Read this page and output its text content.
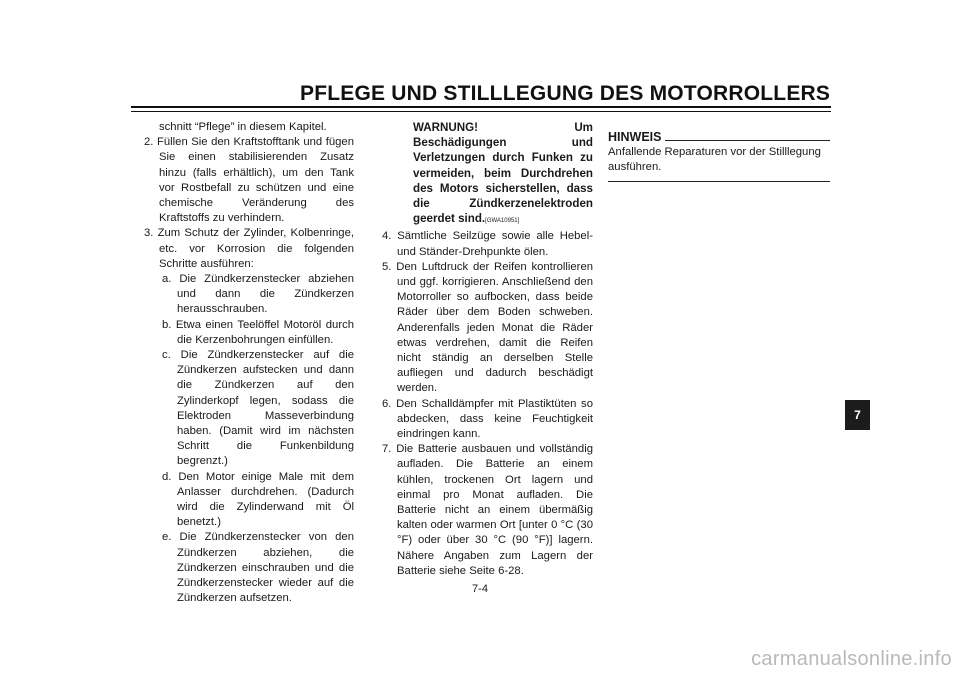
PFLEGE UND STILLLEGUNG DES MOTORROLLERS
schnitt “Pflege” in diesem Kapitel.
2. Füllen Sie den Kraftstofftank und fügen Sie einen stabilisierenden Zusatz hinzu (falls erhältlich), um den Tank vor Rostbefall zu schützen und eine chemische Veränderung des Kraftstoffs zu verhindern.
3. Zum Schutz der Zylinder, Kolbenringe, etc. vor Korrosion die folgenden Schritte ausführen:
a. Die Zündkerzenstecker abziehen und dann die Zündkerzen herausschrauben.
b. Etwa einen Teelöffel Motoröl durch die Kerzenbohrungen einfüllen.
c. Die Zündkerzenstecker auf die Zündkerzen aufstecken und dann die Zündkerzen auf den Zylinderkopf legen, sodass die Elektroden Masseverbindung haben. (Damit wird im nächsten Schritt die Funkenbildung begrenzt.)
d. Den Motor einige Male mit dem Anlasser durchdrehen. (Dadurch wird die Zylinderwand mit Öl benetzt.)
e. Die Zündkerzenstecker von den Zündkerzen abziehen, die Zündkerzen einschrauben und die Zündkerzenstecker wieder auf die Zündkerzen aufsetzen.
WARNUNG! Um Beschädigungen und Verletzungen durch Funken zu vermeiden, beim Durchdrehen des Motors sicherstellen, dass die Zündkerzenelektroden geerdet sind.[GWA10951]
4. Sämtliche Seilzüge sowie alle Hebel- und Ständer-Drehpunkte ölen.
5. Den Luftdruck der Reifen kontrollieren und ggf. korrigieren. Anschließend den Motorroller so aufbocken, dass beide Räder über dem Boden schweben. Anderenfalls jeden Monat die Räder etwas verdrehen, damit die Reifen nicht ständig an derselben Stelle aufliegen und dadurch beschädigt werden.
6. Den Schalldämpfer mit Plastiktüten so abdecken, dass keine Feuchtigkeit eindringen kann.
7. Die Batterie ausbauen und vollständig aufladen. Die Batterie an einem kühlen, trockenen Ort lagern und einmal pro Monat aufladen. Die Batterie nicht an einem übermäßig kalten oder warmen Ort [unter 0 °C (30 °F) oder über 30 °C (90 °F)] lagern. Nähere Angaben zum Lagern der Batterie siehe Seite 6-28.
HINWEIS
Anfallende Reparaturen vor der Stilllegung ausführen.
7
7-4
carmanualsonline.info
